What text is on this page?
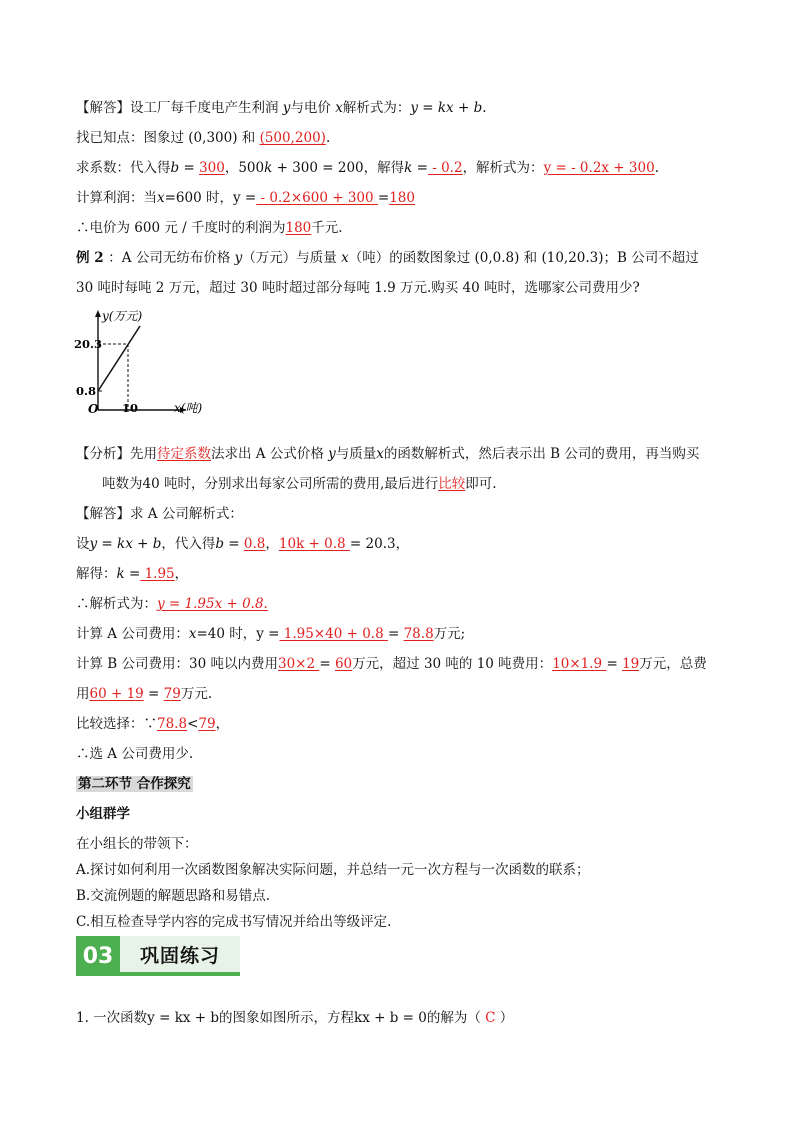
【解答】设工厂每千度电产生利润 y与电价 x解析式为：y = kx + b.
找已知点：图象过 (0,300) 和 (500,200).
求系数：代入得b = 300，500k + 300 = 200，解得k = - 0.2，解析式为：y = - 0.2x + 300.
计算利润：当x=600 时，y = - 0.2×600 + 300 =180
∴电价为 600 元 / 千度时的利润为180千元.
例 2 ：A 公司无纺布价格 y（万元）与质量 x（吨）的函数图象过 (0,0.8) 和 (10,20.3)；B 公司不超过
30 吨时每吨 2 万元，超过 30 吨时超过部分每吨 1.9 万元.购买 40 吨时，选哪家公司费用少?
y(万元)
20.3
0.8
O 10	x(吨)
【分析】先用待定系数法求出 A 公式价格 y与质量x的函数解析式，然后表示出 B 公司的费用，再当购买
吨数为40 吨时，分别求出每家公司所需的费用,最后进行比较即可.
【解答】求 A 公司解析式：
设y = kx + b，代入得b = 0.8，10k + 0.8 = 20.3，
解得：k = 1.95，
∴解析式为：y = 1.95x + 0.8.
计算 A 公司费用：x=40 时，y = 1.95×40 + 0.8 = 78.8万元;
计算 B 公司费用：30 吨以内费用30×2 = 60万元，超过 30 吨的 10 吨费用：10×1.9 = 19万元，总费
用60 + 19 = 79万元.
比较选择：∵78.8<79，
∴选 A 公司费用少.
第二环节 合作探究
小组群学
在小组长的带领下：
A.探讨如何利用一次函数图象解决实际问题，并总结一元一次方程与一次函数的联系；
B.交流例题的解题思路和易错点.
C.相互检查导学内容的完成书写情况并给出等级评定.
03	巩固练习
1. 一次函数y = kx + b的图象如图所示，方程kx + b = 0的解为（ C ）
